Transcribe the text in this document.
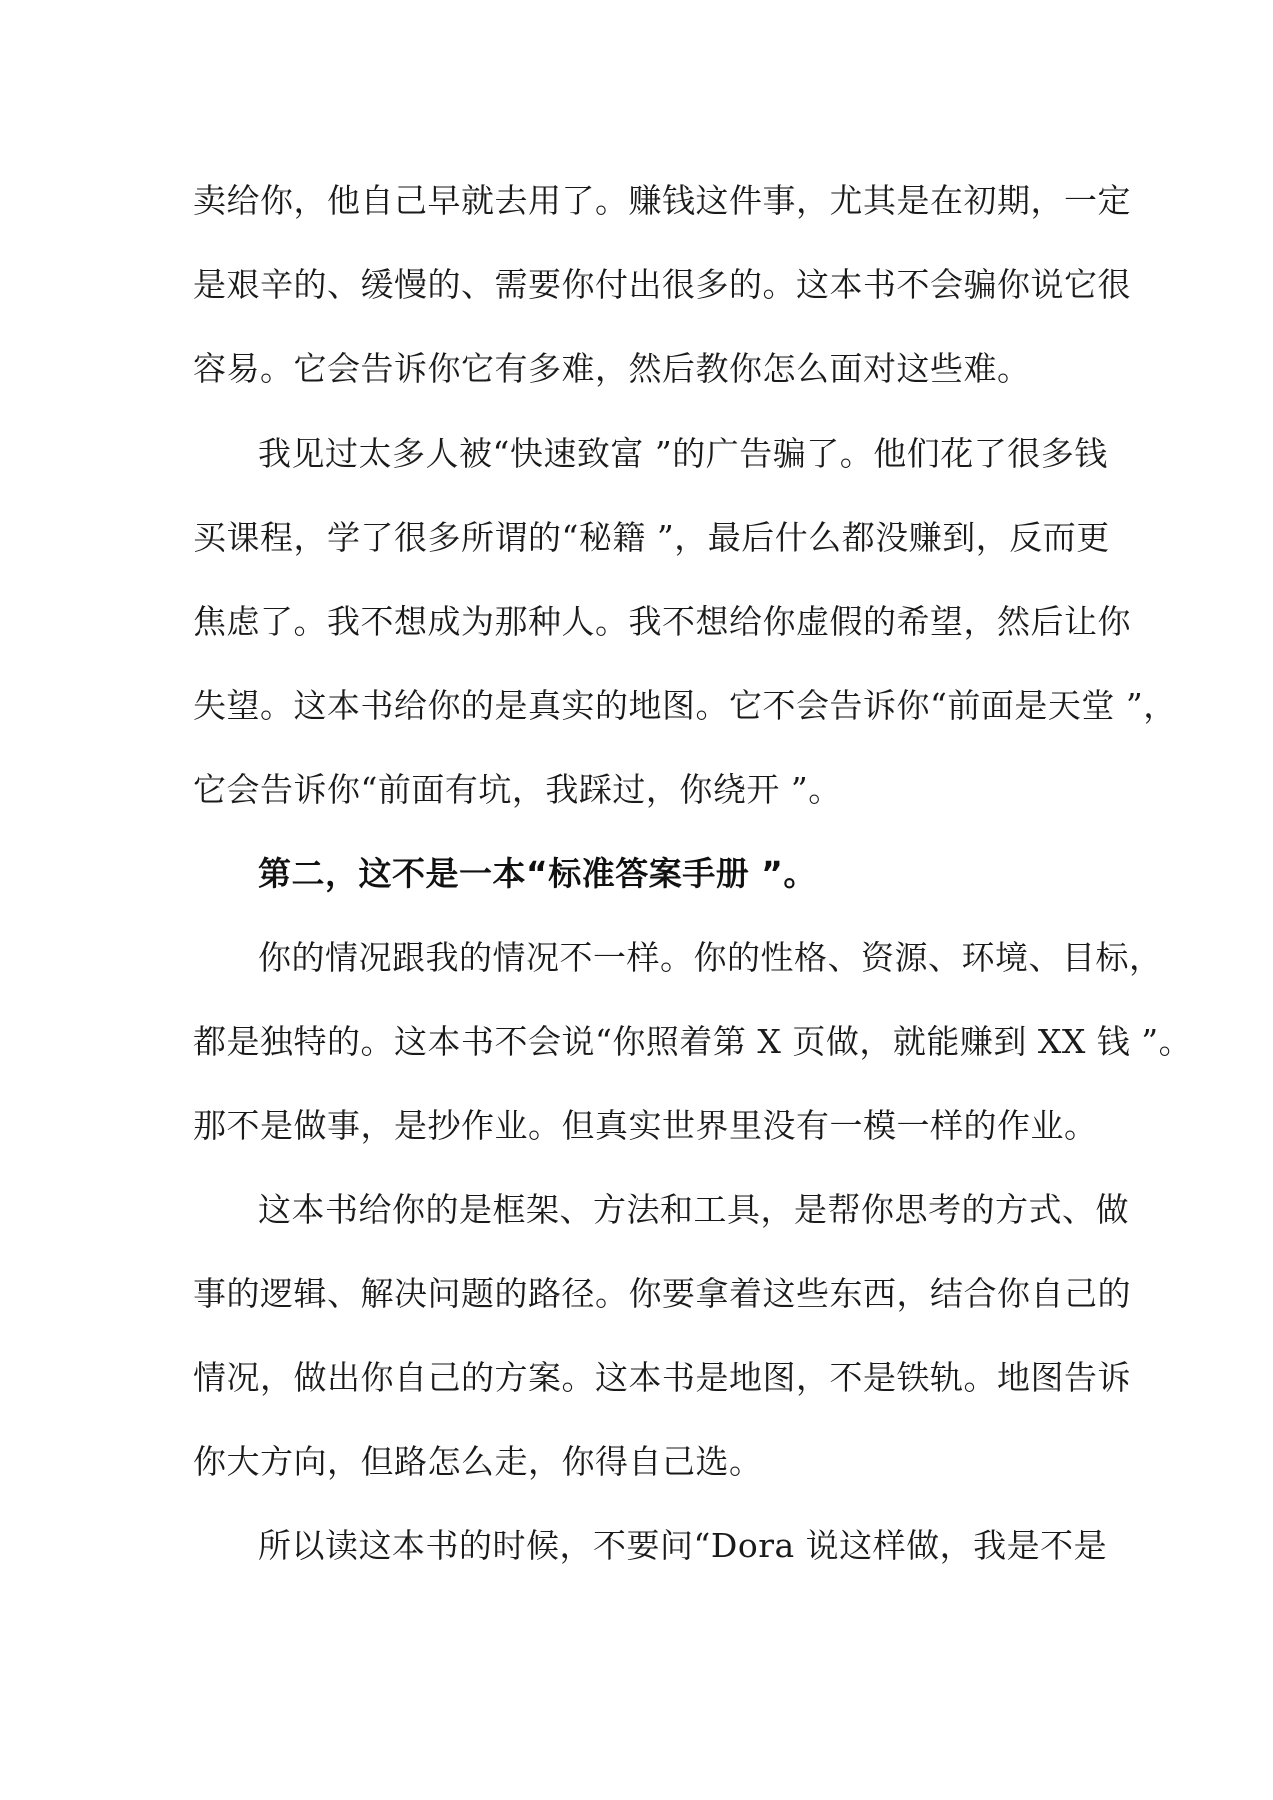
卖给你，他自己早就去用了。赚钱这件事，尤其是在初期，一定
是艰辛的、缓慢的、需要你付出很多的。这本书不会骗你说它很
容易。它会告诉你它有多难，然后教你怎么面对这些难。
我见过太多人被“快速致富 ”的广告骗了。他们花了很多钱
买课程，学了很多所谓的“秘籍 ”，最后什么都没赚到，反而更
焦虑了。我不想成为那种人。我不想给你虚假的希望，然后让你
失望。这本书给你的是真实的地图。它不会告诉你“前面是天堂 ”，
它会告诉你“前面有坑，我踩过，你绕开 ”。
第二，这不是一本“标准答案手册 ”。
你的情况跟我的情况不一样。你的性格、资源、环境、目标，
都是独特的。这本书不会说“你照着第 X 页做，就能赚到 XX 钱 ”。
那不是做事，是抄作业。但真实世界里没有一模一样的作业。
这本书给你的是框架、方法和工具，是帮你思考的方式、做
事的逻辑、解决问题的路径。你要拿着这些东西，结合你自己的
情况，做出你自己的方案。这本书是地图，不是铁轨。地图告诉
你大方向，但路怎么走，你得自己选。
所以读这本书的时候，不要问“Dora 说这样做，我是不是
